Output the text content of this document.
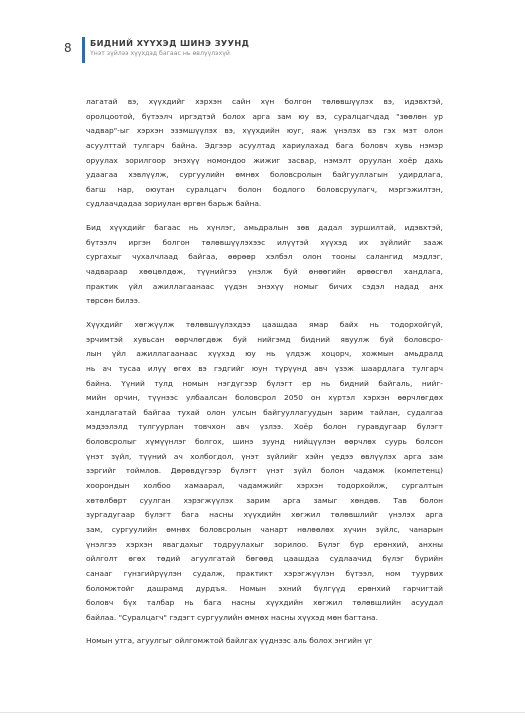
8 БИДНИЙ ХҮҮХЭД ШИНЭ ЗУУНД
Үнэт зүйлээ хүүхдэд багаас нь өвлүүлэхүй
лагатай вэ, хүүхдийг хэрхэн сайн хүн болгон төлөвшүүлэх вэ, идэвхтэй,
оролцоотой, бүтээлч иргэдтэй болох арга зам юу вэ, суралцагчдад "зөөлөн ур
чадвар"-ыг хэрхэн эзэмшүүлэх вэ, хүүхдийн юуг, яаж үнэлэх вэ гэх мэт олон
асуулттай тулгарч байна. Эдгээр асуултад хариулахад бага боловч хувь нэмэр
оруулах зорилгоор энэхүү номондоо жижиг засвар, нэмэлт оруулан хоёр дахь
удаагаа хэвлүүлж, сургуулийн өмнөх боловсролын байгууллагын удирдлага,
багш нар, оюутан суралцагч болон бодлого боловсруулагч, мэргэжилтэн,
судлаачдадаа зориулан өргөн барьж байна.
Бид хүүхдийг багаас нь хүнлэг, амьдралын зөв дадал зуршилтай, идэвхтэй,
бүтээлч иргэн болгон төлөвшүүлэхээс илүүтэй хүүхэд их зүйлийг зааж
сургахыг чухалчлаад байгаа, өөрөөр хэлбэл олон тооны салангид мэдлэг,
чадвараар хөөцөлдөж, түүнийгээ үнэлж буй өнөөгийн өрөөсгөл хандлага,
практик үйл ажиллагаанаас үүдэн энэхүү номыг бичих сэдэл надад анх
төрсөн билээ.
Хүүхдийг хөгжүүлж төлөвшүүлэхдээ цаашдаа ямар байх нь тодорхойгүй,
эрчимтэй хувьсан өөрчлөгдөж буй нийгэмд бидний явуулж буй боловсро-
лын үйл ажиллагаанаас хүүхэд юу нь үлдэж хоцорч, хожмын амьдралд
нь ач тусаа илүү өгөх вэ гэдгийг юун түрүүнд авч үзэж шаардлага тулгарч
байна. Үүний тулд номын нэгдүгээр бүлэгт ер нь бидний байгаль, нийг-
мийн орчин, түүнээс улбаалсан боловсрол 2050 он хүртэл хэрхэн өөрчлөгдөх
хандлагатай байгаа тухай олон улсын байгууллагуудын зарим тайлан, судалгаа
мэдээлэлд тулгуурлан товчхон авч үзлээ. Хоёр болон гуравдугаар бүлэгт
боловсролыг хүмүүнлэг болгох, шинэ зуунд нийцүүлэн өөрчлөх суурь болсон
үнэт зүйл, түүний ач холбогдол, үнэт зүйлийг хэйн үедээ өвлүүлэх арга зам
зэргийг тоймлов. Дөрөвдүгээр бүлэгт үнэт зүйл болон чадамж (компетенц)
хоорондын холбоо хамаарал, чадамжийг хэрхэн тодорхойлж, сургалтын
хөтөлбөрт суулган хэрэгжүүлэх зарим арга замыг хөндөв. Тав болон
зургадугаар бүлэгт бага насны хүүхдийн хөгжил төлөвшлийг үнэлэх арга
зам, сургуулийн өмнөх боловсролын чанарт нөлөөлөх хүчин зүйлс, чанарын
үнэлгээ хэрхэн явагдахыг тодруулахыг зорилоо. Бүлэг бүр ерөнхий, анхны
ойлголт өгөх төдий агуулгатай бөгөөд цаашдаа судлаачид бүлэг бүрийн
санааг гүнзгийрүүлэн судалж, практикт хэрэгжүүлэн бүтээл, ном туурвих
боломжтойг дашрамд дурдъя. Номын эхний бүлгүүд ерөнхий гарчигтай
боловч бүх талбар нь бага насны хүүхдийн хөгжил төлөвшлийн асуудал
байлаа. "Суралцагч" гэдэгт сургуулийн өмнөх насны хүүхэд мөн багтана.
Номын утга, агуулгыг ойлгомжтой байлгах үүднээс аль болох энгийн үг
